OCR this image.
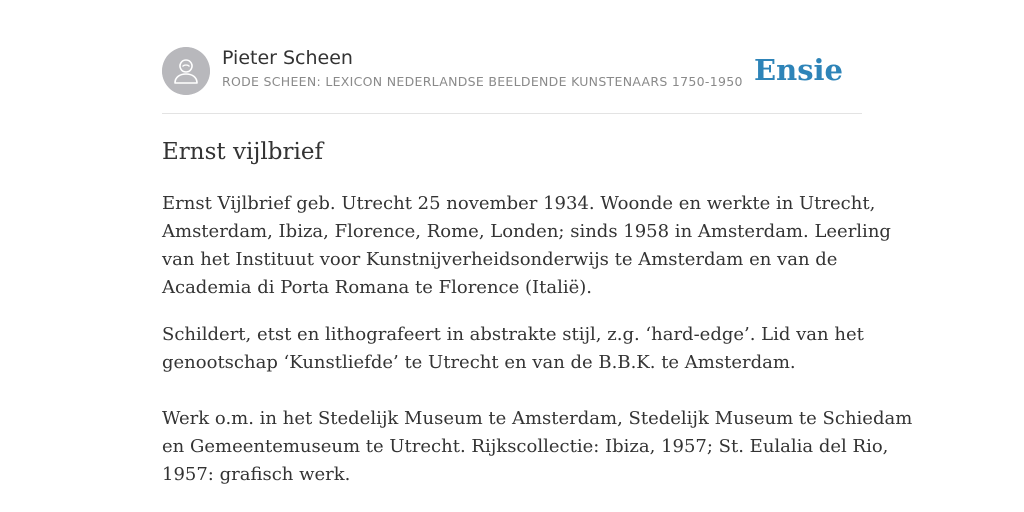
Pieter Scheen
RODE SCHEEN: LEXICON NEDERLANDSE BEELDENDE KUNSTENAARS 1750-1950 Ensie
Ernst vijlbrief

Ernst Vijlbrief geb. Utrecht 25 november 1934. Woonde en werkte in Utrecht,
Amsterdam, Ibiza, Florence, Rome, Londen; sinds 1958 in Amsterdam. Leerling
van het Instituut voor Kunstnijverheidsonderwijs te Amsterdam en van de
Academia di Porta Romana te Florence (Italië).

Schildert, etst en lithografeert in abstrakte stijl, z.g. ‘hard-edge’. Lid van het
genootschap ‘Kunstliefde’ te Utrecht en van de B.B.K. te Amsterdam.

Werk o.m. in het Stedelijk Museum te Amsterdam, Stedelijk Museum te Schiedam
en Gemeentemuseum te Utrecht. Rijkscollectie: Ibiza, 1957; St. Eulalia del Rio,
1957: grafisch werk.
